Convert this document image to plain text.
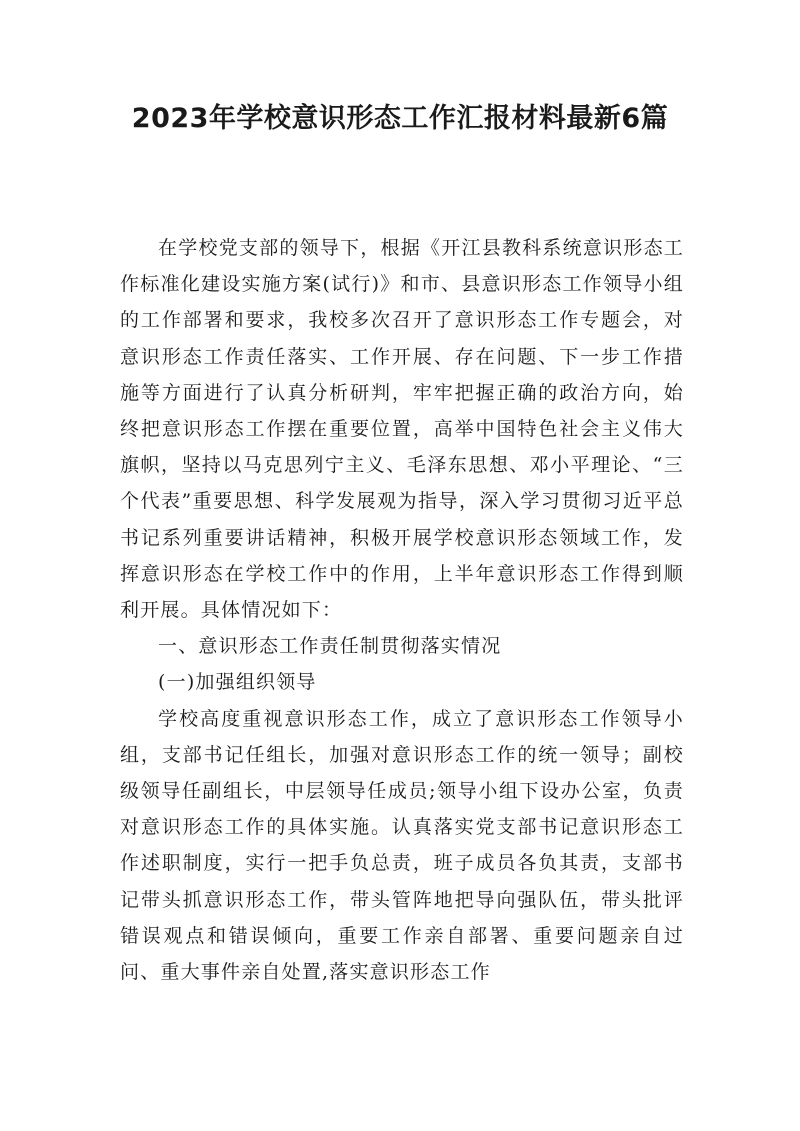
2023年学校意识形态工作汇报材料最新6篇

在学校党支部的领导下，根据《开江县教科系统意识形态工作标准化建设实施方案(试行)》和市、县意识形态工作领导小组的工作部署和要求，我校多次召开了意识形态工作专题会，对意识形态工作责任落实、工作开展、存在问题、下一步工作措施等方面进行了认真分析研判，牢牢把握正确的政治方向，始终把意识形态工作摆在重要位置，高举中国特色社会主义伟大旗帜，坚持以马克思列宁主义、毛泽东思想、邓小平理论、“三个代表”重要思想、科学发展观为指导，深入学习贯彻习近平总书记系列重要讲话精神，积极开展学校意识形态领域工作，发挥意识形态在学校工作中的作用，上半年意识形态工作得到顺利开展。具体情况如下：

一、意识形态工作责任制贯彻落实情况

(一)加强组织领导

学校高度重视意识形态工作，成立了意识形态工作领导小组，支部书记任组长，加强对意识形态工作的统一领导；副校级领导任副组长，中层领导任成员;领导小组下设办公室，负责对意识形态工作的具体实施。认真落实党支部书记意识形态工作述职制度，实行一把手负总责，班子成员各负其责，支部书记带头抓意识形态工作，带头管阵地把导向强队伍，带头批评错误观点和错误倾向，重要工作亲自部署、重要问题亲自过问、重大事件亲自处置,落实意识形态工作
